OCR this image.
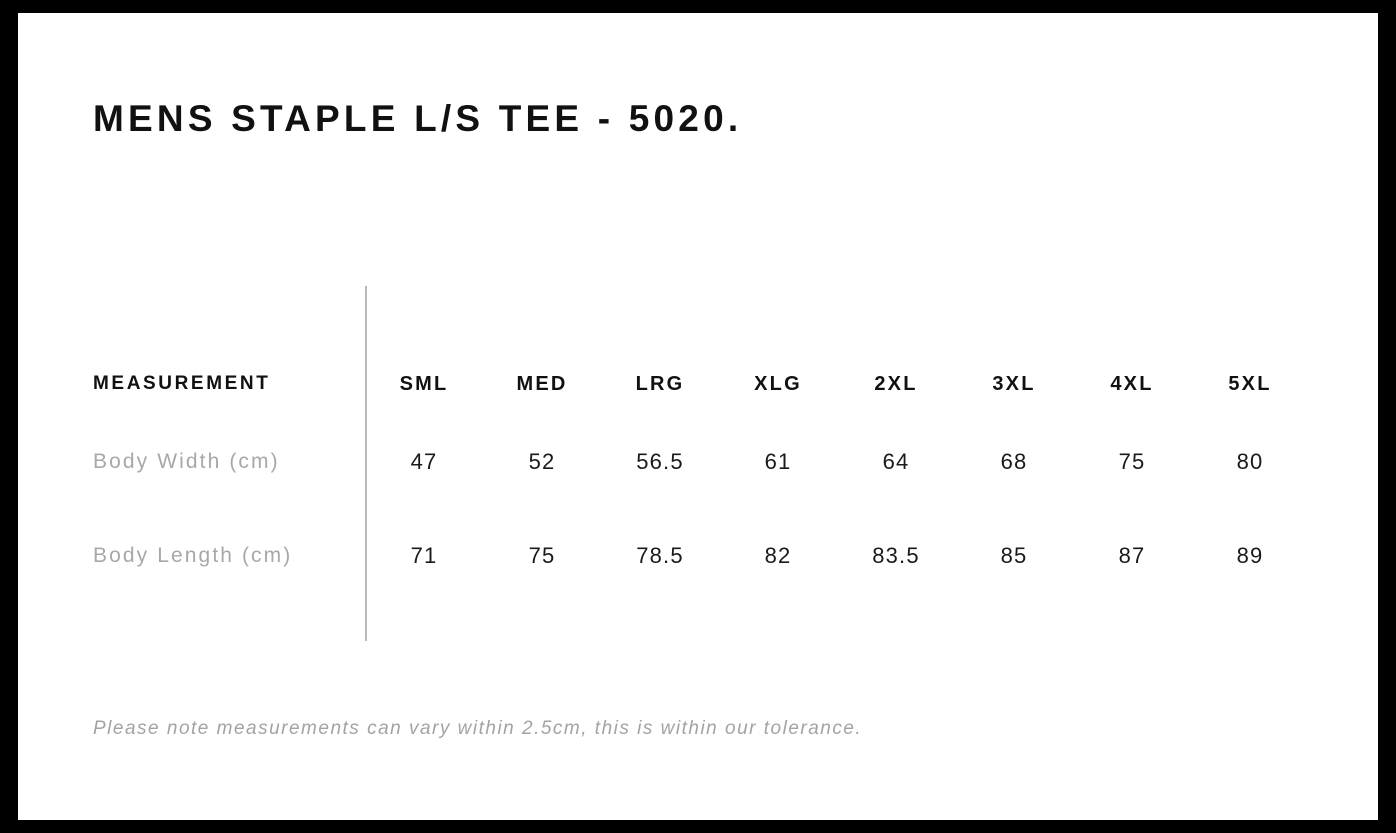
MENS STAPLE L/S TEE - 5020.
MEASUREMENT	SML	MED	LRG	XLG	2XL	3XL	4XL	5XL
Body Width (cm)	47	52	56.5	61	64	68	75	80
Body Length (cm)	71	75	78.5	82	83.5	85	87	89
Please note measurements can vary within 2.5cm, this is within our tolerance.
